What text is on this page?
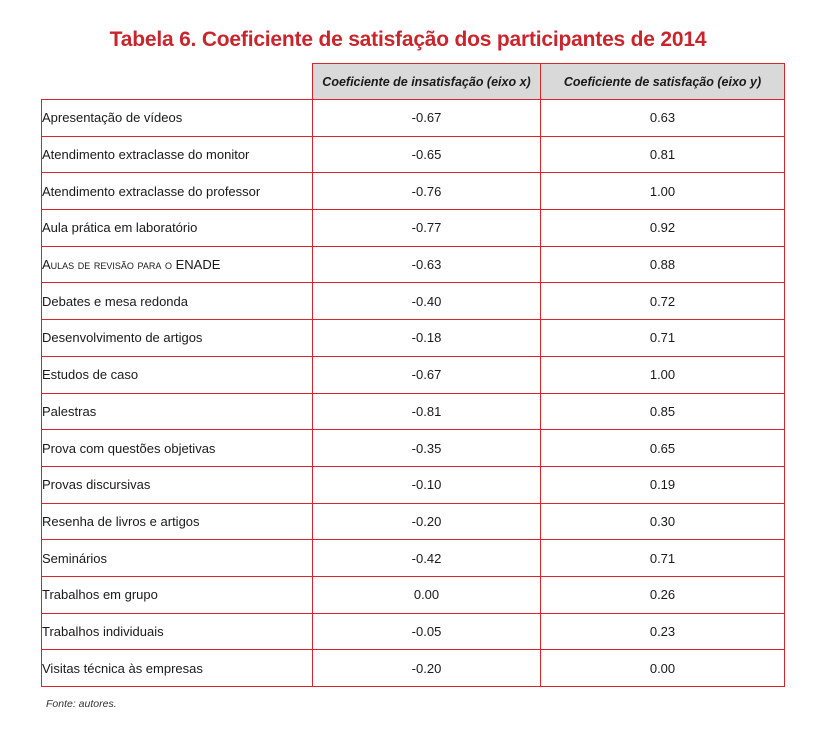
Tabela 6. Coeficiente de satisfação dos participantes de 2014
	Coeficiente de insatisfação (eixo x)	Coeficiente de satisfação (eixo y)
Apresentação de vídeos	-0.67	0.63
Atendimento extraclasse do monitor	-0.65	0.81
Atendimento extraclasse do professor	-0.76	1.00
Aula prática em laboratório	-0.77	0.92
Aulas de revisão para o ENADE	-0.63	0.88
Debates e mesa redonda	-0.40	0.72
Desenvolvimento de artigos	-0.18	0.71
Estudos de caso	-0.67	1.00
Palestras	-0.81	0.85
Prova com questões objetivas	-0.35	0.65
Provas discursivas	-0.10	0.19
Resenha de livros e artigos	-0.20	0.30
Seminários	-0.42	0.71
Trabalhos em grupo	0.00	0.26
Trabalhos individuais	-0.05	0.23
Visitas técnica às empresas	-0.20	0.00
Fonte: autores.
